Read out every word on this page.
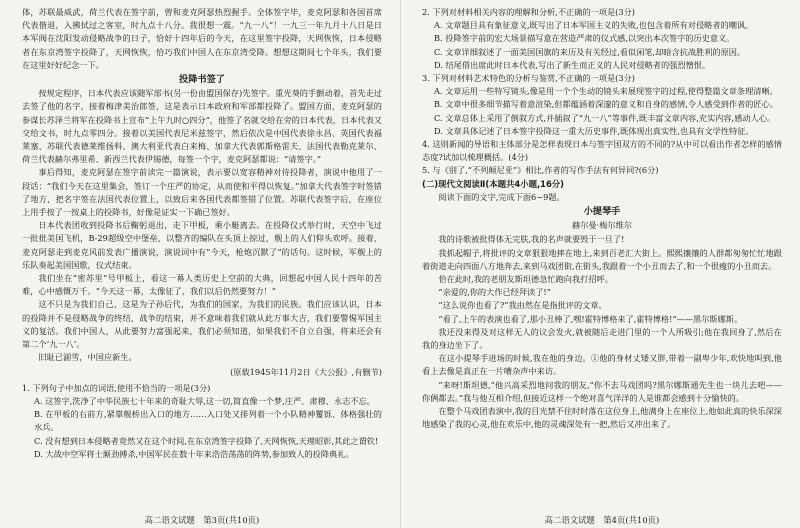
体，苏联最威武，荷兰代表在签字前，曾和麦克阿瑟热烈握手。全体签字毕，麦克阿瑟和各国首席代表偕退，入拂拭过之客室，时九点十八分。我很想一震。“九一八”！一九三一年九月十八日是日本军阀在沈阳发动侵略战争的日子，恰好十四年后的今天，在这里签字投降，天网恢恢，日本侵略者在东京湾签字投降了，天网恢恢，恰巧我们中国人在东京湾受降。想想这期间七个年头，我们要在这里好好纪念一下。

投降书签了

按规定程序，日本代表应该随军部书(另一份由盟国保存)先签字。重光葵的手颤动着，首先走过去签了他的名字，接着梅津美治郎签，这是表示日本政府和军部都投降了。盟国方面，麦克阿瑟的参谋长苏泽兰将军在投降书上宣布“上午九时○四分”，他签了名就交给在旁的日本代表，日本代表又交给文书，时九点零四分。接着以美国代表尼米兹签字，然后依次是中国代表徐永昌、英国代表福莱塞、苏联代表德莱维扬科、澳大利亚代表白来梅、加拿大代表郭斯格雷夫、法国代表勒克莱尔、荷兰代表赫尔弗里希、新西兰代表伊锡德，每签一个字，麦克阿瑟都说：“请签字。”

事后得知，麦克阿瑟在签字前读完一篇演说，表示要以宽容精神对待投降者，演说中他用了一段话：“我们今天在这里集会，签订一个庄严的协定，从而使和平得以恢复。”加拿大代表签字时签错了地方，把名字签在法国代表位置上，以致后来各国代表都签错了位置。苏联代表签字后，在座位上用手按了一按桌上的投降书，好像是证实一下确已签好。

日本代表团收到投降书后鞠躬退出，走下甲板，乘小艇离去。在投降仪式举行时，天空中飞过一批批美国飞机，B-29超级空中堡垒，以整齐的编队在头顶上掠过，舰上的人们仰头欢呼。接着，麦克阿瑟走到麦克风前发表广播演说，演说词中有“今天，枪炮沉默了”的话句。这时候，军舰上的乐队奏起美国国歌，仪式结束。

我们坐在“密苏里”号甲板上，看这一幕人类历史上空前的大典，回想起中国人民十四年的苦难，心中感慨万千。“今天这一幕，太像征了，我们以后仍然要努力！”

这不只是为我们自己，这是为子孙后代，为我们的国家，为我们的民族。我们应该认识，日本的投降并不是侵略战争的终结，战争的结束，并不意味着我们就从此万事大吉，我们要警惕军国主义的复活。我们中国人，从此要努力富强起来，我们必须知道，如果我们不自立自强，将来还会有第二个‘九一八’。

旧耻已湔雪，中国应新生。

(原载1945年11月2日《大公报》,有删节)

1. 下列句子中加点的词语,使用不恰当的一项是(3分)

A. 这签字,洗净了中华民族七十年来的奇耻大辱,这一切,简直像一个梦,庄严、肃穆、永志不忘。

B. 在甲板的右前方,紧靠舰桥出入口的地方……入口处又排列着一个小队精神矍铄、体格强壮的水兵。

C. 没有想到日本侵略者竟然又在这个时间,在东京湾签字投降了,天网恢恢,天理昭彰,其此之谓钦!

D. 大战中空军将士厮劲搏杀,中国军民在数十年来浩浩荡荡的阵势,参加致人的投降典礼。

高二语文试题　第3页(共10页)

2. 下列对材料相关内容的理解和分析,不正确的一项是(3分)

A. 文章题目具有象征意义,既写出了日本军国主义的失败,也包含着所有对侵略者的嘲讽。

B. 投降签字前的宏大场景描写意在营造严肃的仪式感,以突出本次签字的历史意义。

C. 文章详细叙述了一面美国国旗的来历及有关经过,看似闲笔,却暗含抗战胜利的原因。

D. 结尾借出席此时日本代表,写出了新生而正义的人民对侵略者的强烈憎恨。

3. 下列对材料艺术特色的分析与鉴赏,不正确的一项是(3分)

A. 文章运用一些特写镜头,像是用一个个生动的镜头来展现签字的过程,使得整篇文章条理清晰。

B. 文章中很多细节描写着意渲染,但都蕴涵着深邃的意义和自身的感情,令人感受到作者的匠心。

C. 文章总体上采用了倒叙方式,并插叙了“九一八”等事件,既丰富文章内容,充实内容,感动人心。

D. 文章具体记述了日本签字投降这一重大历史事件,既体现出真实性,也具有文学性特征。

4. 这则新闻的导语和主体部分是怎样表现日本与签字国双方的不同的?从中可以看出作者怎样的感情态度?试加以梳理概括。(4分)

5. 与《别了,“不列颠尼亚”》相比,作者的写作手法有何异同?(6分)

(二)现代文阅读Ⅱ(本题共4小题,16分)

阅读下面的文字,完成下面6~9题。

小提琴手
赫尔曼·梅尔维尔

我的诗歌被批得体无完肤,我的名声就要毁于一旦了!

我抓起帽子,将批评的文章狠狠地摔在地上,来到百老汇大街上。熙熙攘攘的人群都匆匆忙忙地跟着街道走向四面八方地奔去,来到马戏团街,在街头,我跟着一个小丑而去了,和一个很瘦的小丑而去。

恰在此时,我的老朋友斯坦德急忙跑向我打招呼。

“亲爱的,你的大作已经拜读了!”

“这么说你也看了?”我由然在是指批评的文章。

“看了,上午的表演也看了,那小丑棒了,嘿!霍特博格来了,霍特博格!”——黑尔斯娜斯。

我还没来得及对这样无人的议会发火,就被随后走进门里的一个人所吸引;他在我回身了,然后在我的身边坐下了。

在这小提琴手进场的时候,我在他的身边。①他的身材丈矮又胖,带着一副卑少年,欢快地叫到,他看上去像是真正在一片嘈杂声中来访。

“来呀!斯坦德,”他兴高采烈地问我的朋友,“你不去马戏团吗?黑尔娜斯通先生也一块儿去吧——你俩都去。”我与他互相介绍,但接近这样一个绝对喜气洋洋的人是谁都会感到十分愉快的。

在整个马戏团表演中,我的目光禁不住时时落在这位身上,他满身上在座位上,他如此真的快乐深深地感染了我的心灵,他在欢乐中,他的灵魂深处有一把,然后又冲出来了。

高二语文试题　第4页(共10页)
